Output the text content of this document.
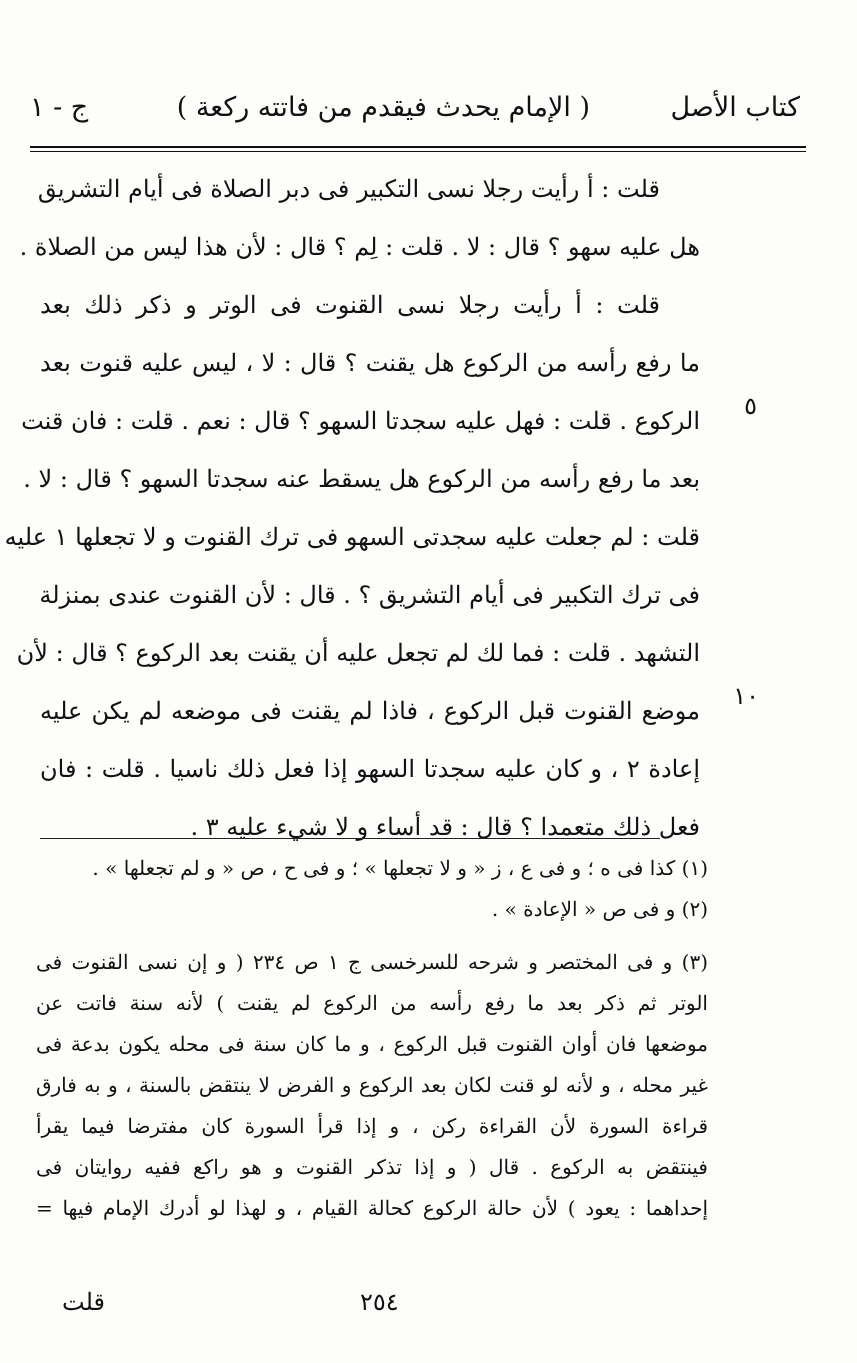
كتاب الأصل
( الإمام يحدث فيقدم من فاتته ركعة )
ج - ١
قلت : أ رأيت رجلا نسى التكبير فى دبر الصلاة فى أيام التشريق
هل عليه سهو ؟ قال : لا . قلت : لِم ؟ قال : لأن هذا ليس من الصلاة .
قلت : أ رأيت رجلا نسى القنوت فى الوتر و ذكر ذلك بعد
ما رفع رأسه من الركوع هل يقنت ؟ قال : لا ، ليس عليه قنوت بعد
الركوع . قلت : فهل عليه سجدتا السهو ؟ قال : نعم . قلت : فان قنت
بعد ما رفع رأسه من الركوع هل يسقط عنه سجدتا السهو ؟ قال : لا .
قلت : لم جعلت عليه سجدتى السهو فى ترك القنوت و لا تجعلها ١ عليه
فى ترك التكبير فى أيام التشريق ؟ . قال : لأن القنوت عندى بمنزلة
التشهد . قلت : فما لك لم تجعل عليه أن يقنت بعد الركوع ؟ قال : لأن
موضع القنوت قبل الركوع ، فاذا لم يقنت فى موضعه لم يكن عليه
إعادة ٢ ، و كان عليه سجدتا السهو إذا فعل ذلك ناسيا . قلت : فان
فعل ذلك متعمدا ؟ قال : قد أساء و لا شيء عليه ٣ .
٥
١٠
(١) كذا فى ه ؛ و فى ع ، ز « و لا تجعلها » ؛ و فى ح ، ص « و لم تجعلها » .
(٢) و فى ص « الإعادة » .
(٣) و فى المختصر و شرحه للسرخسى ج ١ ص ٢٣٤ ( و إن نسى القنوت فى
الوتر ثم ذكر بعد ما رفع رأسه من الركوع لم يقنت ) لأنه سنة فاتت عن
موضعها فان أوان القنوت قبل الركوع ، و ما كان سنة فى محله يكون بدعة فى
غير محله ، و لأنه لو قنت لكان بعد الركوع و الفرض لا ينتقض بالسنة ، و به فارق
قراءة السورة لأن القراءة ركن ، و إذا قرأ السورة كان مفترضا فيما يقرأ
فينتقض به الركوع . قال ( و إذا تذكر القنوت و هو راكع ففيه روايتان فى
إحداهما : يعود ) لأن حالة الركوع كحالة القيام ، و لهذا لو أدرك الإمام فيها =
٢٥٤
قلت
